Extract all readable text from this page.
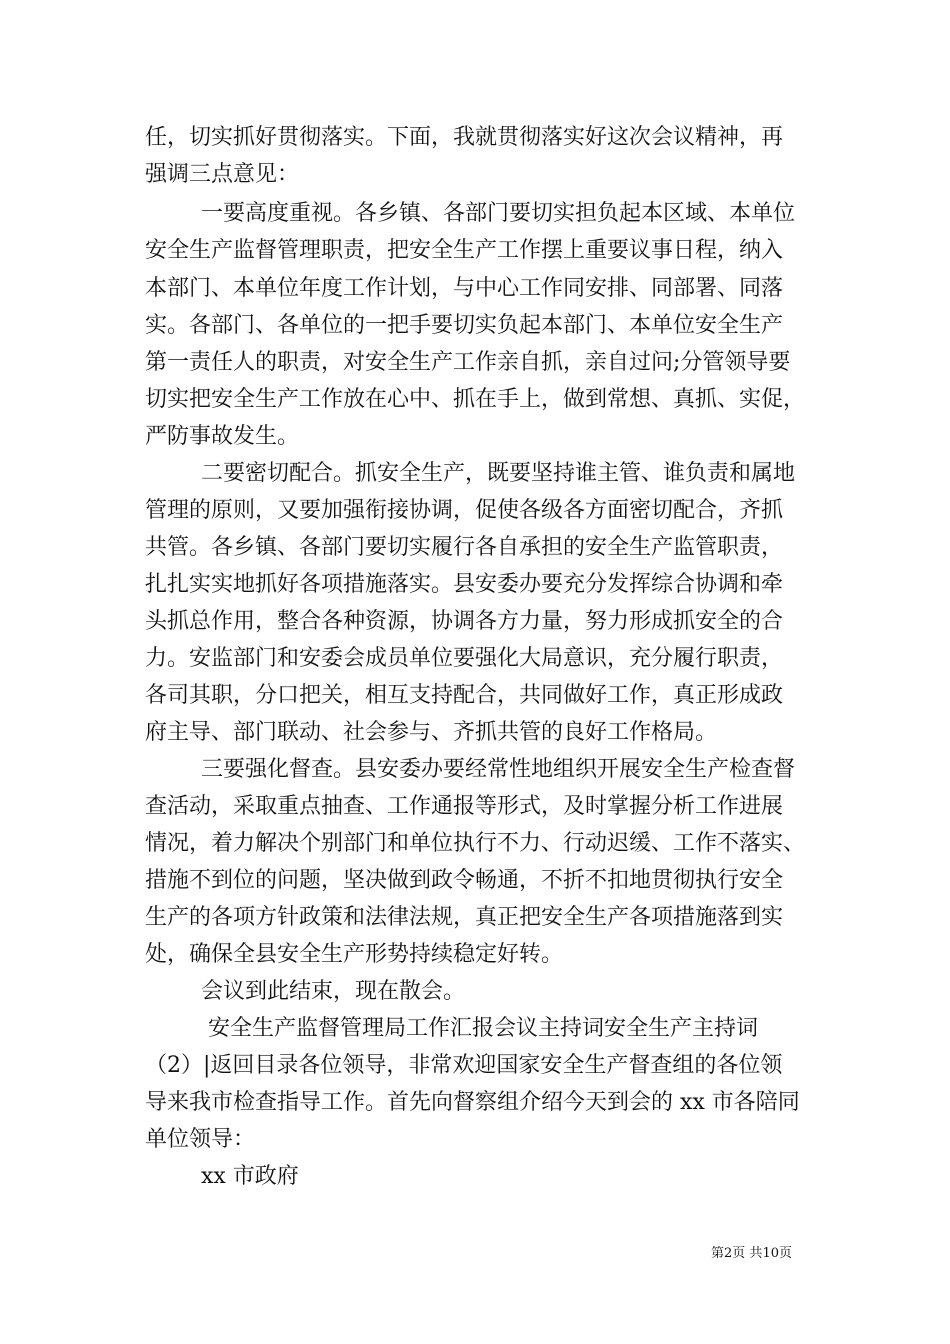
任，切实抓好贯彻落实。下面，我就贯彻落实好这次会议精神，再
强调三点意见：
一要高度重视。各乡镇、各部门要切实担负起本区域、本单位
安全生产监督管理职责，把安全生产工作摆上重要议事日程，纳入
本部门、本单位年度工作计划，与中心工作同安排、同部署、同落
实。各部门、各单位的一把手要切实负起本部门、本单位安全生产
第一责任人的职责，对安全生产工作亲自抓，亲自过问;分管领导要
切实把安全生产工作放在心中、抓在手上，做到常想、真抓、实促，
严防事故发生。
二要密切配合。抓安全生产，既要坚持谁主管、谁负责和属地
管理的原则，又要加强衔接协调，促使各级各方面密切配合，齐抓
共管。各乡镇、各部门要切实履行各自承担的安全生产监管职责，
扎扎实实地抓好各项措施落实。县安委办要充分发挥综合协调和牵
头抓总作用，整合各种资源，协调各方力量，努力形成抓安全的合
力。安监部门和安委会成员单位要强化大局意识，充分履行职责，
各司其职，分口把关，相互支持配合，共同做好工作，真正形成政
府主导、部门联动、社会参与、齐抓共管的良好工作格局。
三要强化督查。县安委办要经常性地组织开展安全生产检查督
查活动，采取重点抽查、工作通报等形式，及时掌握分析工作进展
情况，着力解决个别部门和单位执行不力、行动迟缓、工作不落实、
措施不到位的问题，坚决做到政令畅通，不折不扣地贯彻执行安全
生产的各项方针政策和法律法规，真正把安全生产各项措施落到实
处，确保全县安全生产形势持续稳定好转。
会议到此结束，现在散会。
安全生产监督管理局工作汇报会议主持词安全生产主持词
（2）|返回目录各位领导，非常欢迎国家安全生产督查组的各位领
导来我市检查指导工作。首先向督察组介绍今天到会的 xx 市各陪同
单位领导：
xx 市政府
第2页 共10页
